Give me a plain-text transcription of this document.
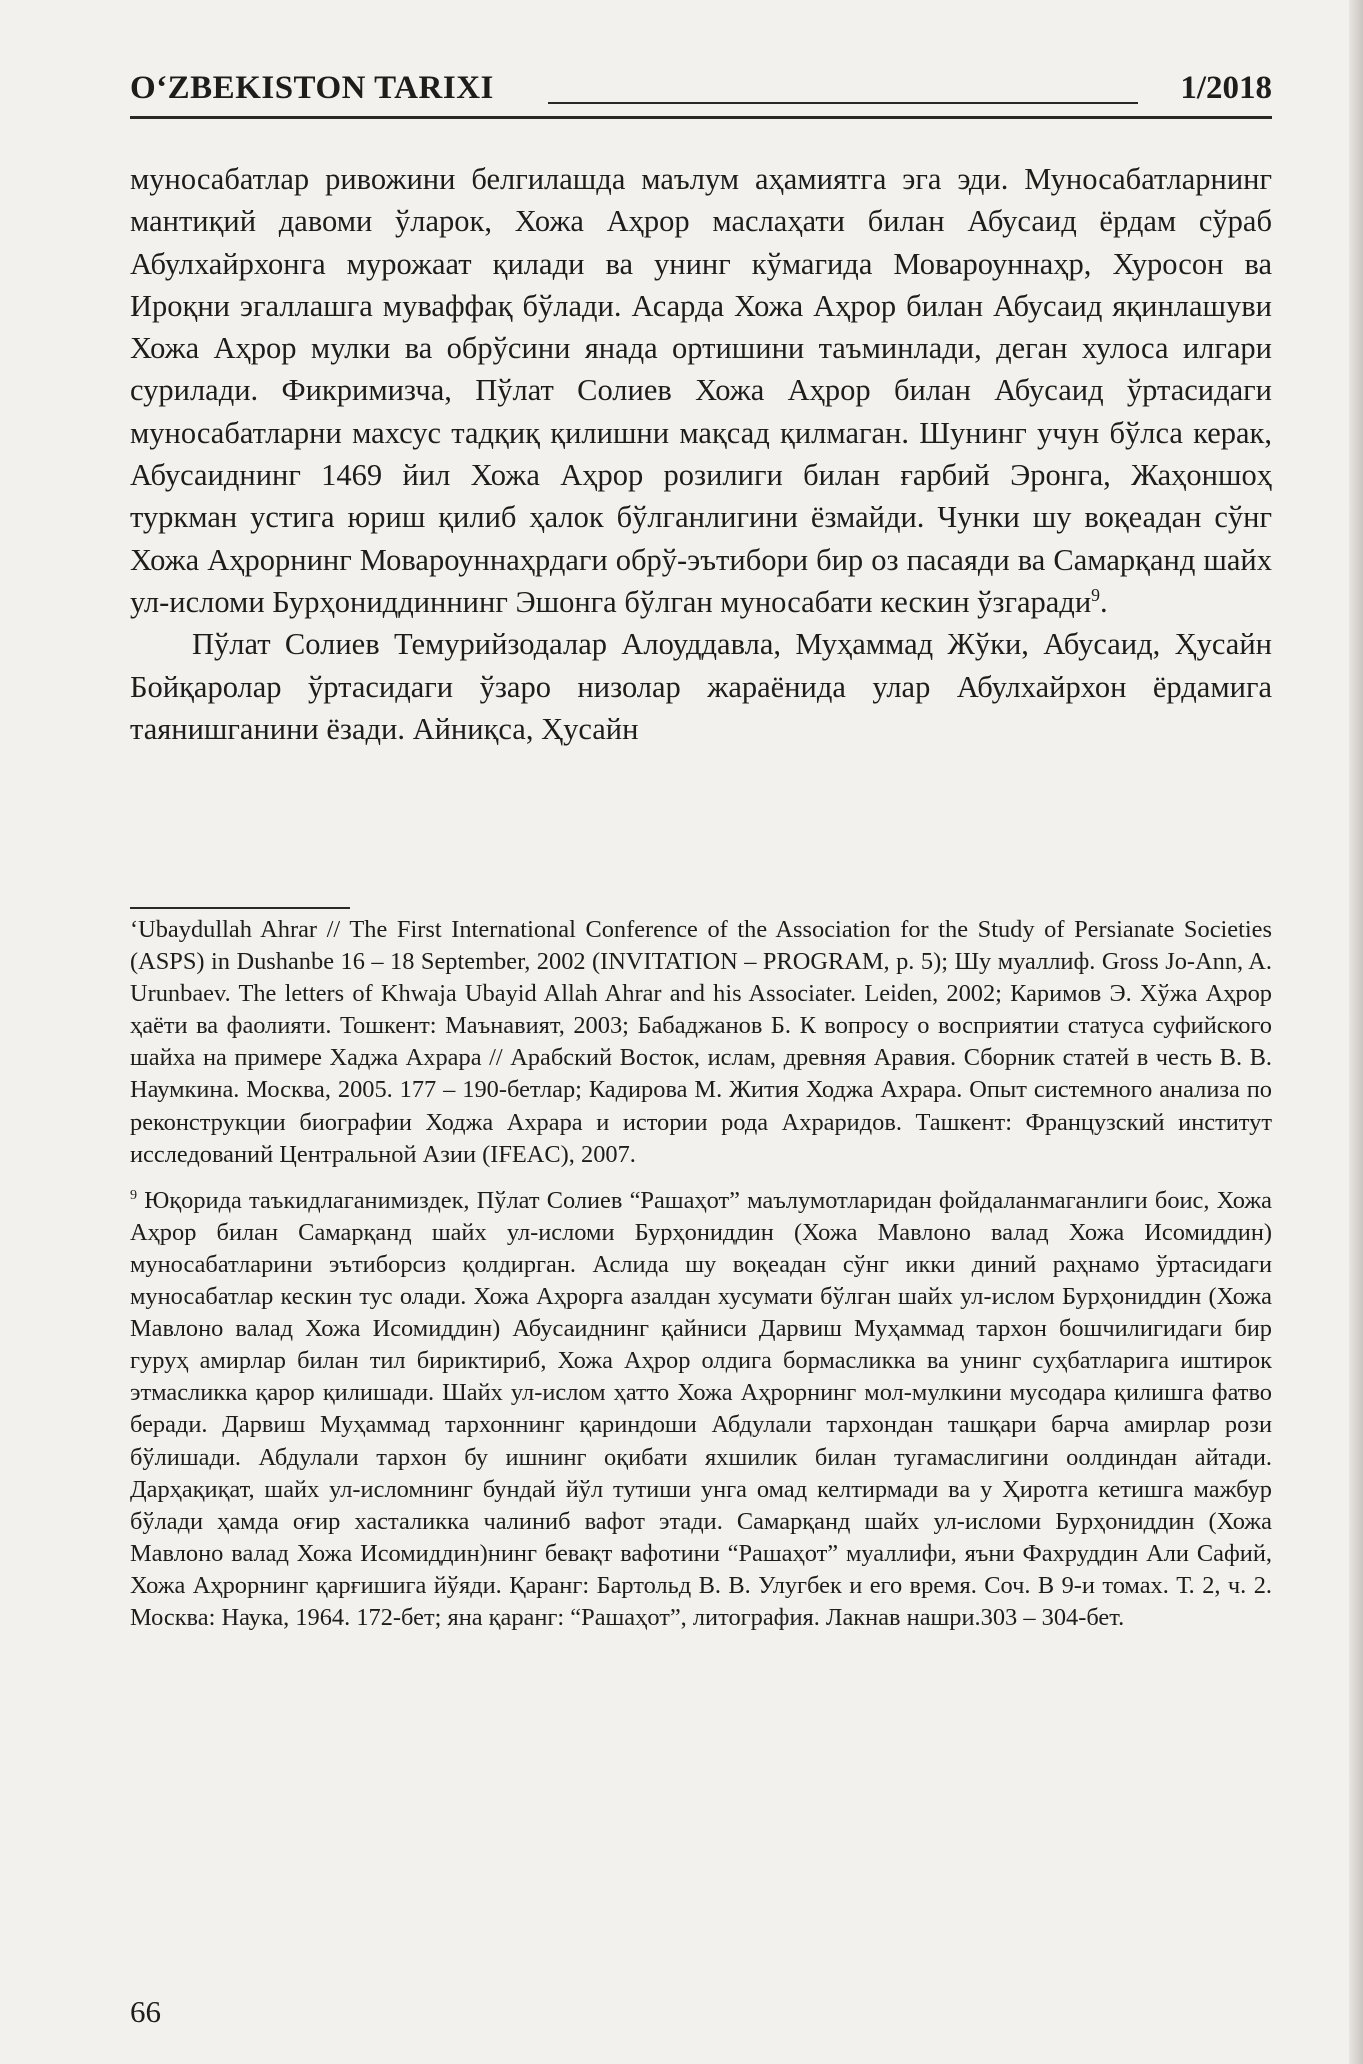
O‘ZBEKISTON TARIXI	1/2018

муносабатлар ривожини белгилашда маълум аҳамиятга эга эди. Муносабатларнинг мантиқий давоми ўларок, Хожа Аҳрор маслаҳати билан Абусаид ёрдам сўраб Абулхайрхонга мурожаат қилади ва унинг кўмагида Мовароуннаҳр, Хуросон ва Ироқни эгаллашга муваффақ бўлади. Асарда Хожа Аҳрор билан Абусаид яқинлашуви Хожа Аҳрор мулки ва обрўсини янада ортишини таъминлади, деган хулоса илгари сурилади. Фикримизча, Пўлат Солиев Хожа Аҳрор билан Абусаид ўртасидаги муносабатларни махсус тадқиқ қилишни мақсад қилмаган. Шунинг учун бўлса керак, Абусаиднинг 1469 йил Хожа Аҳрор розилиги билан ғарбий Эронга, Жаҳоншоҳ туркман устига юриш қилиб ҳалок бўлганлигини ёзмайди. Чунки шу воқеадан сўнг Хожа Аҳрорнинг Мовароуннаҳрдаги обрў-эътибори бир оз пасаяди ва Самарқанд шайх ул-исломи Бурҳониддиннинг Эшонга бўлган муносабати кескин ўзгаради$^9$.

Пўлат Солиев Темурийзодалар Алоуддавла, Муҳаммад Жўки, Абусаид, Ҳусайн Бойқаролар ўртасидаги ўзаро низолар жараёнида улар Абулхайрхон ёрдамига таянишганини ёзади. Айниқса, Ҳусайн

‘Ubaydullah Ahrar // The First International Conference of the Association for the Study of Persianate Societies (ASPS) in Dushanbe 16 – 18 September, 2002 (INVITATION – PROGRAM, p. 5); Шу муаллиф. Gross Jo-Ann, A. Urunbaev. The letters of Khwaja Ubayid Allah Ahrar and his Associater. Leiden, 2002; Каримов Э. Хўжа Аҳрор ҳаёти ва фаолияти. Тошкент: Маънавият, 2003; Бабаджанов Б. К вопросу о восприятии статуса суфийского шайха на примере Хаджа Ахрара // Арабский Восток, ислам, древняя Аравия. Сборник статей в честь В. В. Наумкина. Москва, 2005. 177 – 190-бетлар; Кадирова М. Жития Ходжа Ахрара. Опыт системного анализа по реконструкции биографии Ходжа Ахрара и истории рода Ахраридов. Ташкент: Французский институт исследований Центральной Азии (IFEAC), 2007.

$^9$ Юқорида таъкидлаганимиздек, Пўлат Солиев “Рашаҳот” маълумотларидан фойдаланмаганлиги боис, Хожа Аҳрор билан Самарқанд шайх ул-исломи Бурҳониддин (Хожа Мавлоно валад Хожа Исомиддин) муносабатларини эътиборсиз қолдирган. Аслида шу воқеадан сўнг икки диний раҳнамо ўртасидаги муносабатлар кескин тус олади. Хожа Аҳрорга азалдан хусумати бўлган шайх ул-ислом Бурҳониддин (Хожа Мавлоно валад Хожа Исомиддин) Абусаиднинг қайниси Дарвиш Муҳаммад тархон бошчилигидаги бир гуруҳ амирлар билан тил бириктириб, Хожа Аҳрор олдига бормасликка ва унинг суҳбатларига иштирок этмасликка қарор қилишади. Шайх ул-ислом ҳатто Хожа Аҳрорнинг мол-мулкини мусодара қилишга фатво беради. Дарвиш Муҳаммад тархоннинг қариндоши Абдулали тархондан ташқари барча амирлар рози бўлишади. Абдулали тархон бу ишнинг оқибати яхшилик билан тугамаслигини оолдиндан айтади. Дарҳақиқат, шайх ул-исломнинг бундай йўл тутиши унга омад келтирмади ва у Ҳиротга кетишга мажбур бўлади ҳамда оғир хасталикка чалиниб вафот этади. Самарқанд шайх ул-исломи Бурҳониддин (Хожа Мавлоно валад Хожа Исомиддин)нинг бевақт вафотини “Рашаҳот” муаллифи, яъни Фахруддин Али Сафий, Хожа Аҳрорнинг қарғишига йўяди. Қаранг: Бартольд В. В. Улугбек и его время. Соч. В 9-и томах. Т. 2, ч. 2. Москва: Наука, 1964. 172-бет; яна қаранг: “Рашаҳот”, литография. Лакнав нашри.303 – 304-бет.

66
